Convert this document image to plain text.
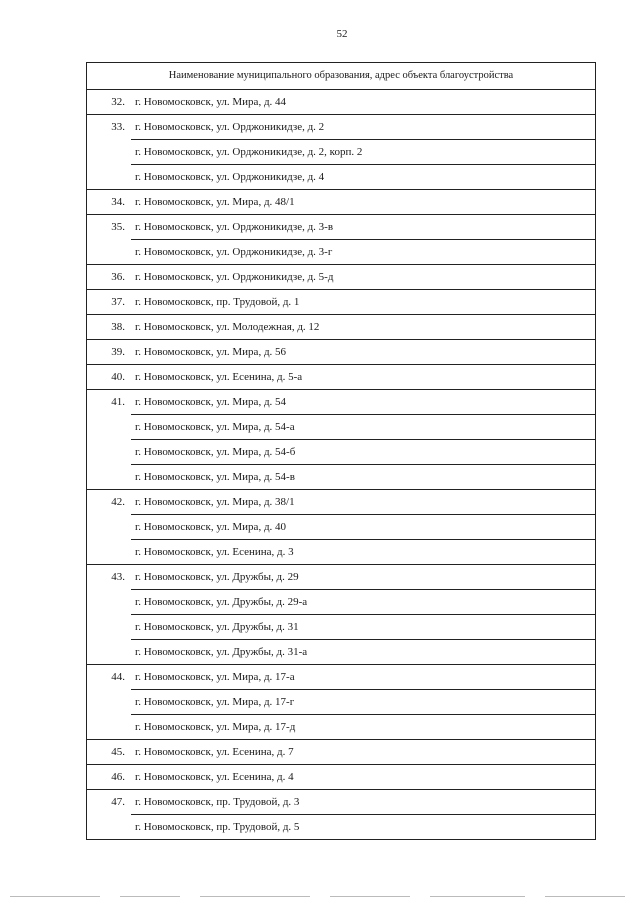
52
Наименование муниципального образования, адрес объекта благоустройства	
32.	г. Новомосковск, ул. Мира, д. 44
33.	г. Новомосковск, ул. Орджоникидзе, д. 2
	г. Новомосковск, ул. Орджоникидзе, д. 2, корп. 2
	г. Новомосковск, ул. Орджоникидзе, д. 4
34.	г. Новомосковск, ул. Мира, д. 48/1
35.	г. Новомосковск, ул. Орджоникидзе, д. 3-в
	г. Новомосковск, ул. Орджоникидзе, д. 3-г
36.	г. Новомосковск, ул. Орджоникидзе, д. 5-д
37.	г. Новомосковск, пр. Трудовой, д. 1
38.	г. Новомосковск, ул. Молодежная, д. 12
39.	г. Новомосковск, ул. Мира, д. 56
40.	г. Новомосковск, ул. Есенина, д. 5-а
41.	г. Новомосковск, ул. Мира, д. 54
	г. Новомосковск, ул. Мира, д. 54-а
	г. Новомосковск, ул. Мира, д. 54-б
	г. Новомосковск, ул. Мира, д. 54-в
42.	г. Новомосковск, ул. Мира, д. 38/1
	г. Новомосковск, ул. Мира, д. 40
	г. Новомосковск, ул. Есенина, д. 3
43.	г. Новомосковск, ул. Дружбы, д. 29
	г. Новомосковск, ул. Дружбы, д. 29-а
	г. Новомосковск, ул. Дружбы, д. 31
	г. Новомосковск, ул. Дружбы, д. 31-а
44.	г. Новомосковск, ул. Мира, д. 17-а
	г. Новомосковск, ул. Мира, д. 17-г
	г. Новомосковск, ул. Мира, д. 17-д
45.	г. Новомосковск, ул. Есенина, д. 7
46.	г. Новомосковск, ул. Есенина, д. 4
47.	г. Новомосковск, пр. Трудовой, д. 3
	г. Новомосковск, пр. Трудовой, д. 5
